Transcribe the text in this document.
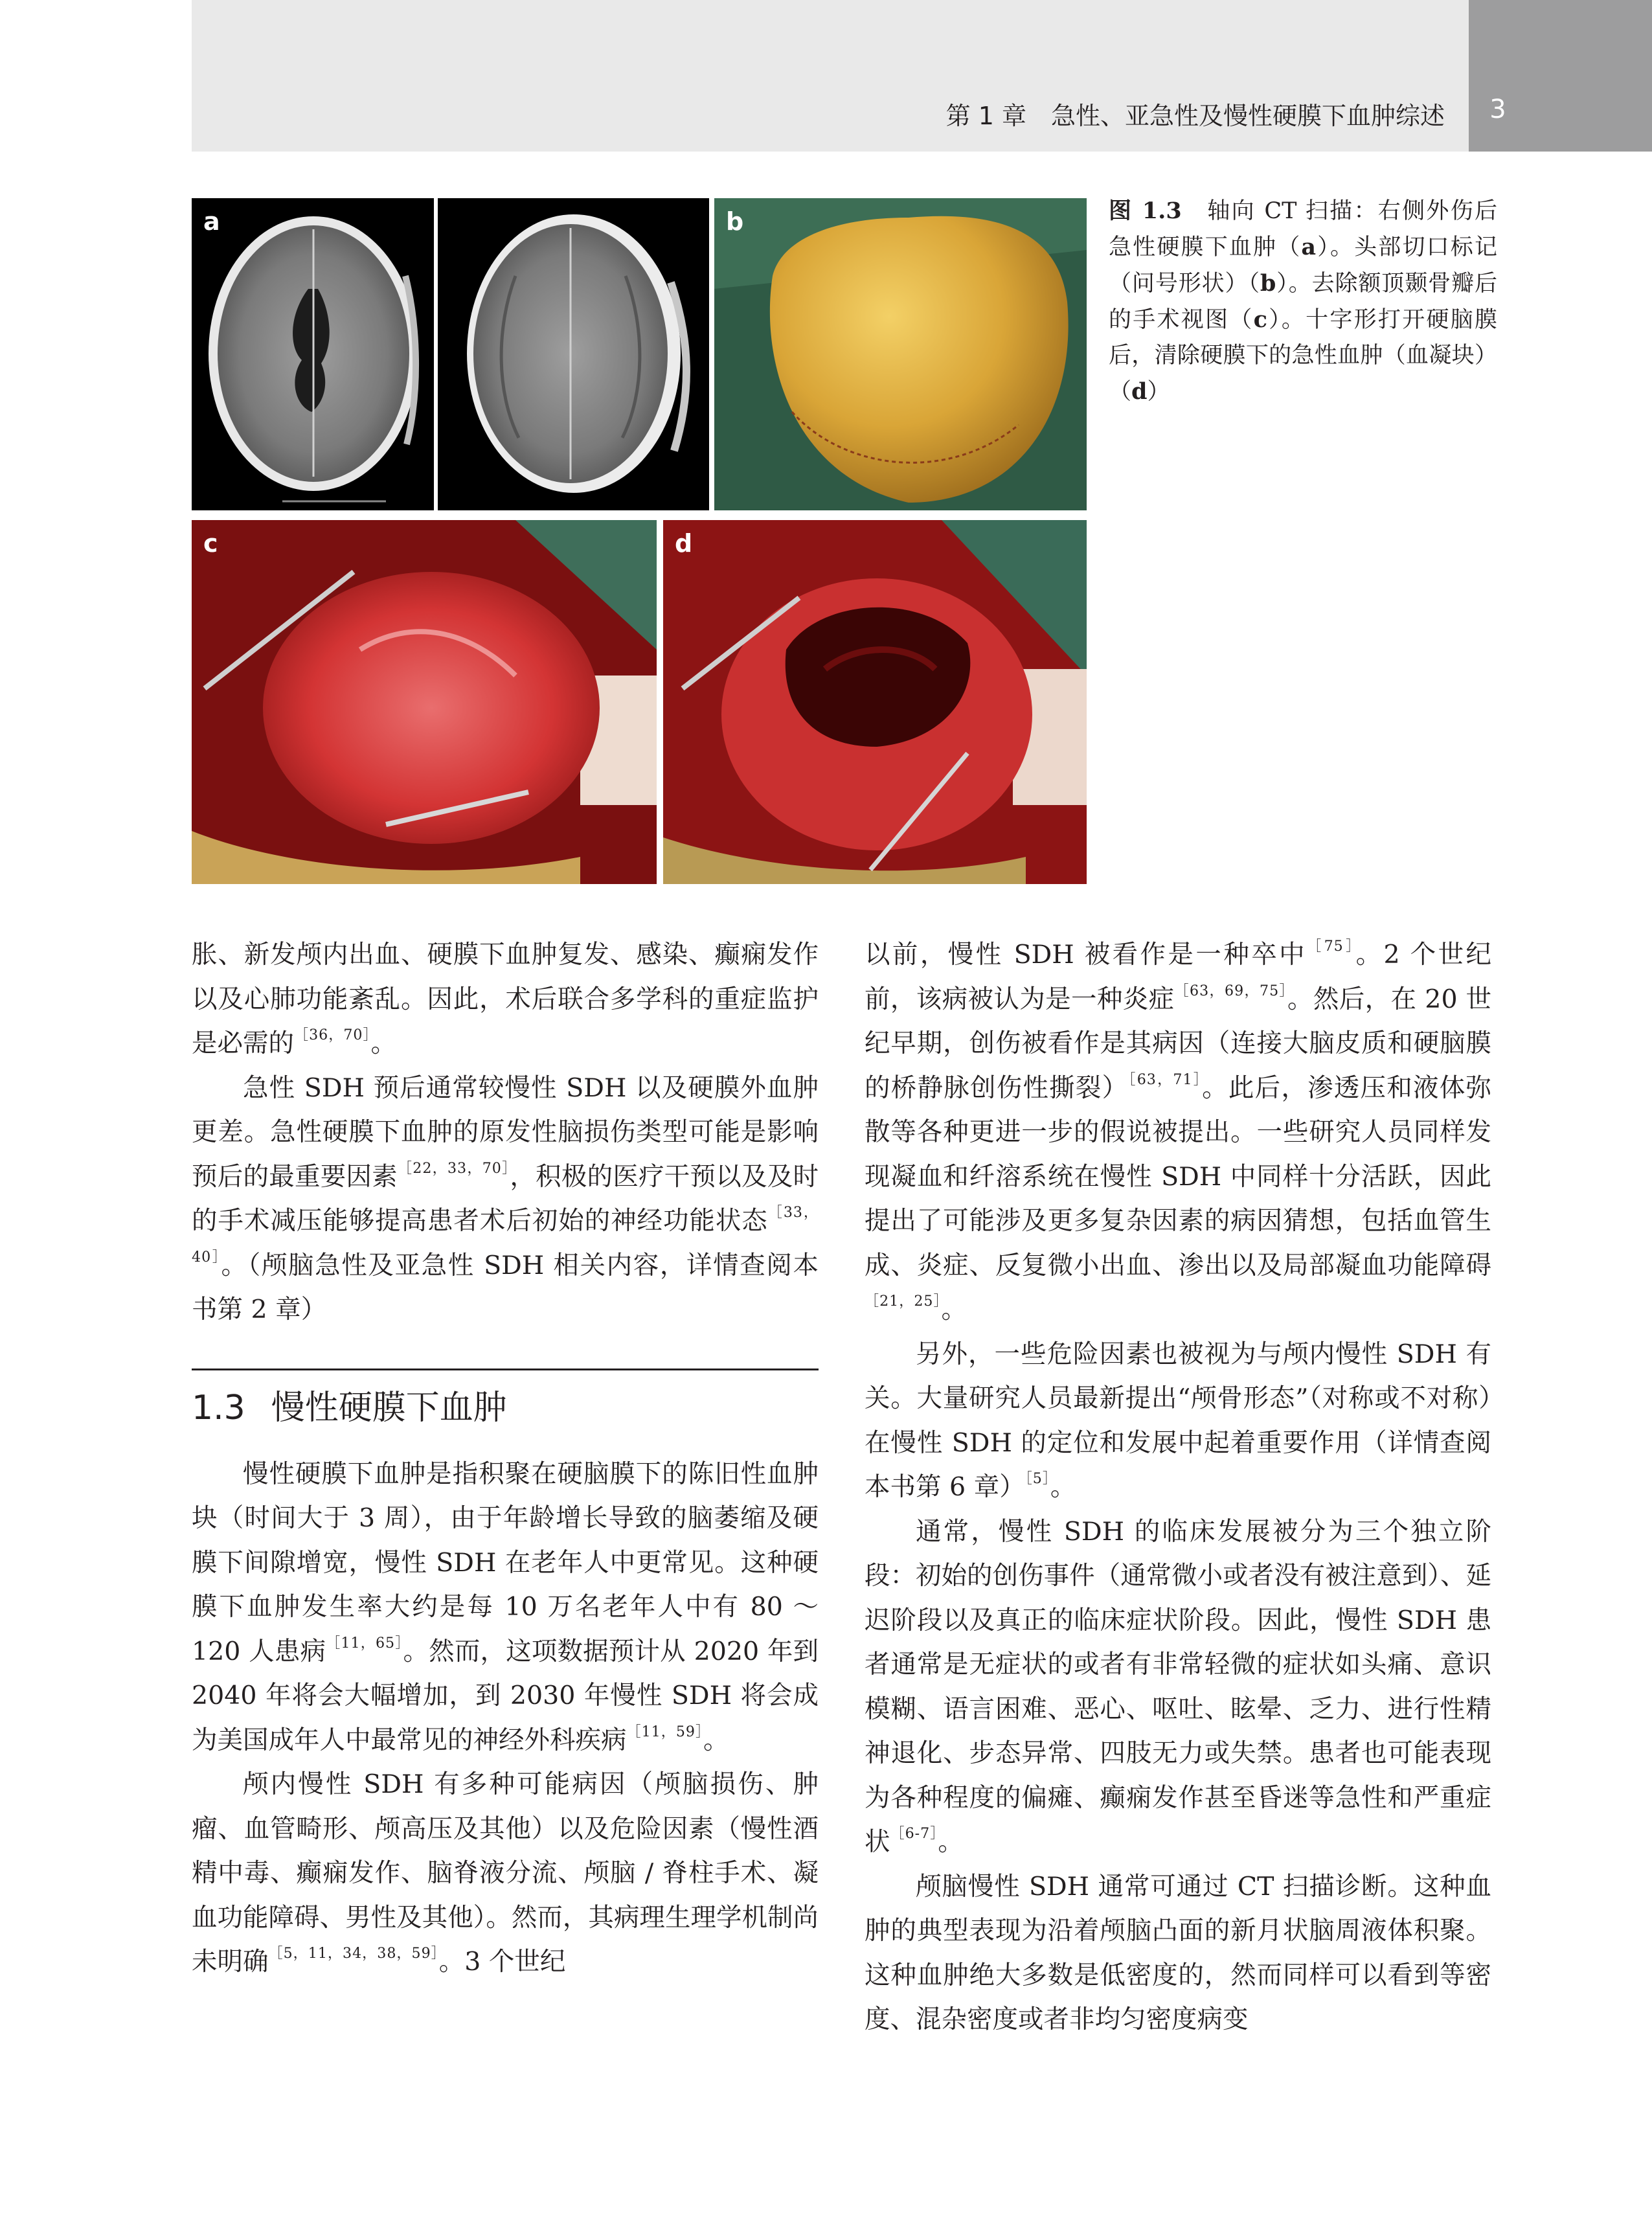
第 1 章　急性、亚急性及慢性硬膜下血肿综述	3
a	b
c	d
图 1.3　轴向 CT 扫描：右侧外伤后急性硬膜下血肿（a）。头部切口标记（问号形状）（b）。去除额顶颞骨瓣后的手术视图（c）。十字形打开硬脑膜后，清除硬膜下的急性血肿（血凝块）（d）

胀、新发颅内出血、硬膜下血肿复发、感染、癫痫发作以及心肺功能紊乱。因此，术后联合多学科的重症监护是必需的$^{[36,70]}$。

急性 SDH 预后通常较慢性 SDH 以及硬膜外血肿更差。急性硬膜下血肿的原发性脑损伤类型可能是影响预后的最重要因素$^{[22,33,70]}$，积极的医疗干预以及及时的手术减压能够提高患者术后初始的神经功能状态$^{[33,40]}$。（颅脑急性及亚急性 SDH 相关内容，详情查阅本书第 2 章）

1.3 慢性硬膜下血肿

慢性硬膜下血肿是指积聚在硬脑膜下的陈旧性血肿块（时间大于 3 周），由于年龄增长导致的脑萎缩及硬膜下间隙增宽，慢性 SDH 在老年人中更常见。这种硬膜下血肿发生率大约是每 10 万名老年人中有 80 ～ 120 人患病$^{[11,65]}$。然而，这项数据预计从 2020 年到 2040 年将会大幅增加，到 2030 年慢性 SDH 将会成为美国成年人中最常见的神经外科疾病$^{[11,59]}$。

颅内慢性 SDH 有多种可能病因（颅脑损伤、肿瘤、血管畸形、颅高压及其他）以及危险因素（慢性酒精中毒、癫痫发作、脑脊液分流、颅脑 / 脊柱手术、凝血功能障碍、男性及其他）。然而，其病理生理学机制尚未明确$^{[5,11,34,38,59]}$。3 个世纪

以前，慢性 SDH 被看作是一种卒中$^{[75]}$。2 个世纪前，该病被认为是一种炎症$^{[63,69,75]}$。然后，在 20 世纪早期，创伤被看作是其病因（连接大脑皮质和硬脑膜的桥静脉创伤性撕裂）$^{[63,71]}$。此后，渗透压和液体弥散等各种更进一步的假说被提出。一些研究人员同样发现凝血和纤溶系统在慢性 SDH 中同样十分活跃，因此提出了可能涉及更多复杂因素的病因猜想，包括血管生成、炎症、反复微小出血、渗出以及局部凝血功能障碍$^{[21,25]}$。

另外，一些危险因素也被视为与颅内慢性 SDH 有关。大量研究人员最新提出“颅骨形态”（对称或不对称）在慢性 SDH 的定位和发展中起着重要作用（详情查阅本书第 6 章）$^{[5]}$。

通常，慢性 SDH 的临床发展被分为三个独立阶段：初始的创伤事件（通常微小或者没有被注意到）、延迟阶段以及真正的临床症状阶段。因此，慢性 SDH 患者通常是无症状的或者有非常轻微的症状如头痛、意识模糊、语言困难、恶心、呕吐、眩晕、乏力、进行性精神退化、步态异常、四肢无力或失禁。患者也可能表现为各种程度的偏瘫、癫痫发作甚至昏迷等急性和严重症状$^{[6-7]}$。

颅脑慢性 SDH 通常可通过 CT 扫描诊断。这种血肿的典型表现为沿着颅脑凸面的新月状脑周液体积聚。这种血肿绝大多数是低密度的，然而同样可以看到等密度、混杂密度或者非均匀密度病变
